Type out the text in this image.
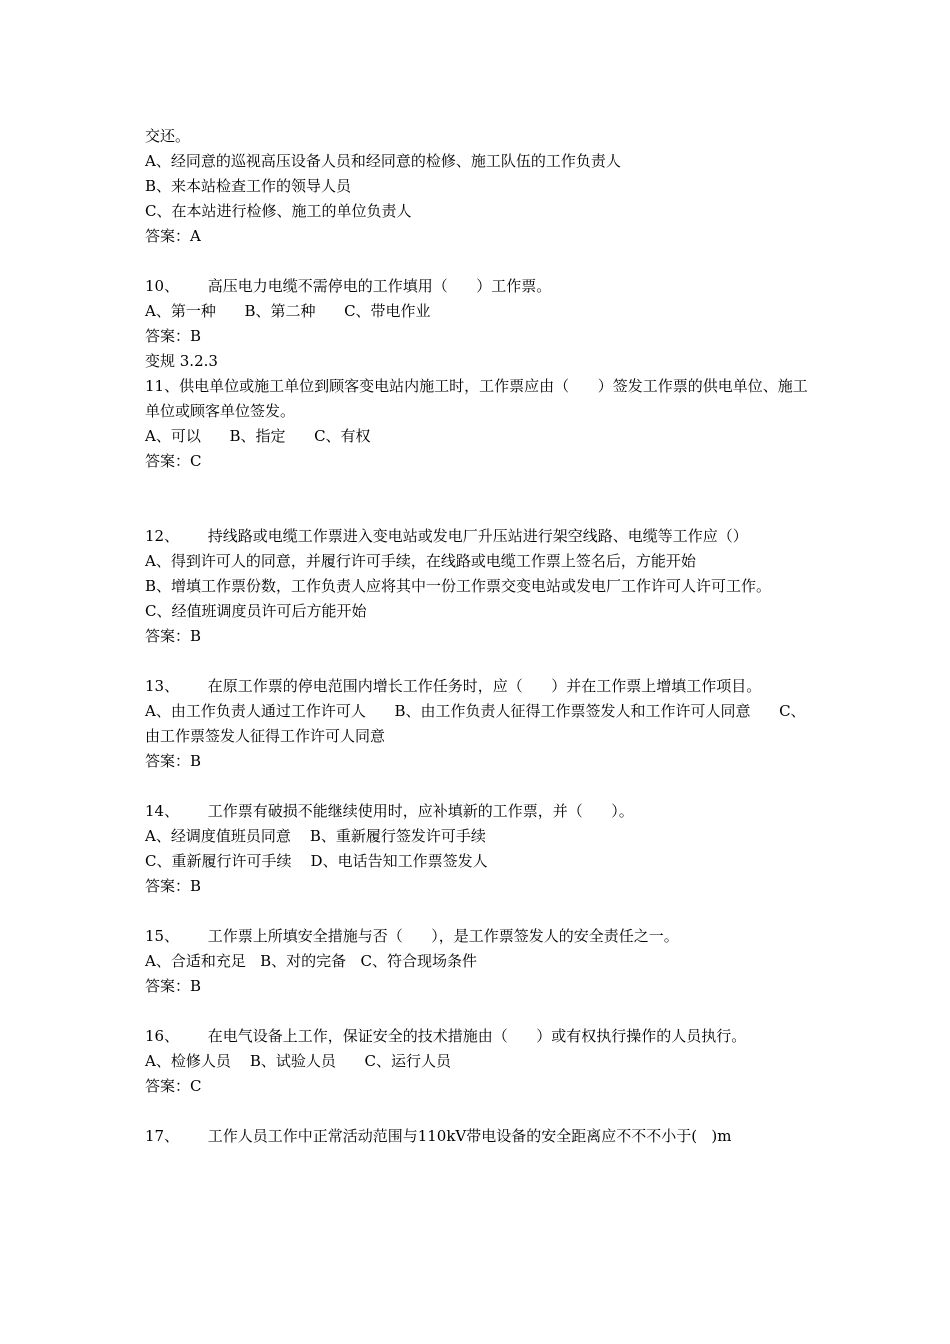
交还。

A、经同意的巡视高压设备人员和经同意的检修、施工队伍的工作负责人

B、来本站检查工作的领导人员

C、在本站进行检修、施工的单位负责人

答案：A

10、      高压电力电缆不需停电的工作填用（      ）工作票。

A、第一种      B、第二种      C、带电作业

答案：B

变规 3.2.3

11、供电单位或施工单位到顾客变电站内施工时，工作票应由（      ）签发工作票的供电单位、施工单位或顾客单位签发。

A、可以      B、指定      C、有权

答案：C

12、      持线路或电缆工作票进入变电站或发电厂升压站进行架空线路、电缆等工作应（）

A、得到许可人的同意，并履行许可手续，在线路或电缆工作票上签名后，方能开始

B、增填工作票份数，工作负责人应将其中一份工作票交变电站或发电厂工作许可人许可工作。

C、经值班调度员许可后方能开始

答案：B

13、      在原工作票的停电范围内增长工作任务时，应（      ）并在工作票上增填工作项目。

A、由工作负责人通过工作许可人      B、由工作负责人征得工作票签发人和工作许可人同意      C、由工作票签发人征得工作许可人同意

答案：B

14、      工作票有破损不能继续使用时，应补填新的工作票，并（      ）。

A、经调度值班员同意    B、重新履行签发许可手续

C、重新履行许可手续    D、电话告知工作票签发人

答案：B

15、      工作票上所填安全措施与否（      ），是工作票签发人的安全责任之一。

A、合适和充足   B、对的完备   C、符合现场条件

答案：B

16、      在电气设备上工作，保证安全的技术措施由（      ）或有权执行操作的人员执行。

A、检修人员    B、试验人员      C、运行人员

答案：C

17、      工作人员工作中正常活动范围与110kV带电设备的安全距离应不不不小于(   )m
